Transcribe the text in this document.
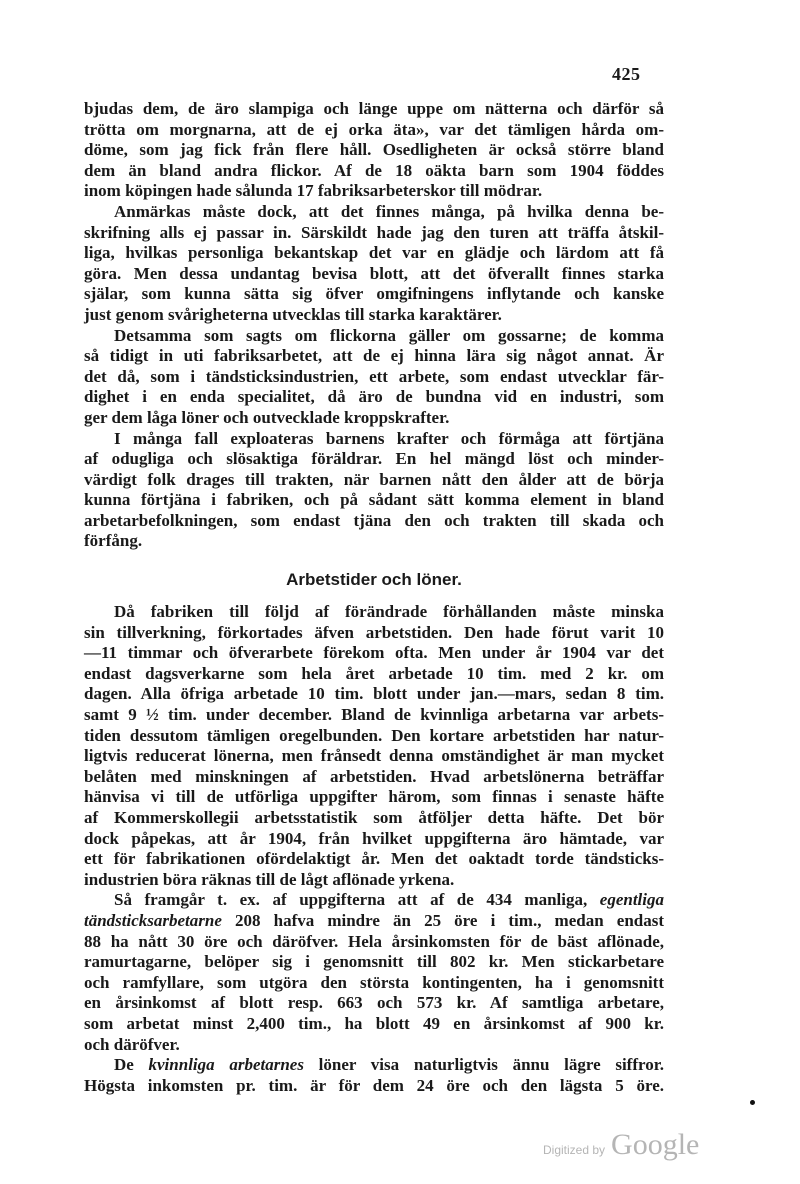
425
bjudas dem, de äro slampiga och länge uppe om nätterna och därför så
trötta om morgnarna, att de ej orka äta», var det tämligen hårda om-
döme, som jag fick från flere håll. Osedligheten är också större bland
dem än bland andra flickor. Af de 18 oäkta barn som 1904 föddes
inom köpingen hade sålunda 17 fabriksarbeterskor till mödrar.
Anmärkas måste dock, att det finnes många, på hvilka denna be-
skrifning alls ej passar in. Särskildt hade jag den turen att träffa åtskil-
liga, hvilkas personliga bekantskap det var en glädje och lärdom att få
göra. Men dessa undantag bevisa blott, att det öfverallt finnes starka
själar, som kunna sätta sig öfver omgifningens inflytande och kanske
just genom svårigheterna utvecklas till starka karaktärer.
Detsamma som sagts om flickorna gäller om gossarne; de komma
så tidigt in uti fabriksarbetet, att de ej hinna lära sig något annat. Är
det då, som i tändsticksindustrien, ett arbete, som endast utvecklar fär-
dighet i en enda specialitet, då äro de bundna vid en industri, som
ger dem låga löner och outvecklade kroppskrafter.
I många fall exploateras barnens krafter och förmåga att förtjäna
af odugliga och slösaktiga föräldrar. En hel mängd löst och minder-
värdigt folk drages till trakten, när barnen nått den ålder att de börja
kunna förtjäna i fabriken, och på sådant sätt komma element in bland
arbetarbefolkningen, som endast tjäna den och trakten till skada och
förfång.
Arbetstider och löner.
Då fabriken till följd af förändrade förhållanden måste minska
sin tillverkning, förkortades äfven arbetstiden. Den hade förut varit 10
—11 timmar och öfverarbete förekom ofta. Men under år 1904 var det
endast dagsverkarne som hela året arbetade 10 tim. med 2 kr. om
dagen. Alla öfriga arbetade 10 tim. blott under jan.—mars, sedan 8 tim.
samt 9 ½ tim. under december. Bland de kvinnliga arbetarna var arbets-
tiden dessutom tämligen oregelbunden. Den kortare arbetstiden har natur-
ligtvis reducerat lönerna, men frånsedt denna omständighet är man mycket
belåten med minskningen af arbetstiden. Hvad arbetslönerna beträffar
hänvisa vi till de utförliga uppgifter härom, som finnas i senaste häfte
af Kommerskollegii arbetsstatistik som åtföljer detta häfte. Det bör
dock påpekas, att år 1904, från hvilket uppgifterna äro hämtade, var
ett för fabrikationen ofördelaktigt år. Men det oaktadt torde tändsticks-
industrien böra räknas till de lågt aflönade yrkena.
Så framgår t. ex. af uppgifterna att af de 434 manliga, egentliga
tändsticksarbetarne 208 hafva mindre än 25 öre i tim., medan endast
88 ha nått 30 öre och däröfver. Hela årsinkomsten för de bäst aflönade,
ramurtagarne, belöper sig i genomsnitt till 802 kr. Men stickarbetare
och ramfyllare, som utgöra den största kontingenten, ha i genomsnitt
en årsinkomst af blott resp. 663 och 573 kr. Af samtliga arbetare,
som arbetat minst 2,400 tim., ha blott 49 en årsinkomst af 900 kr.
och däröfver.
De kvinnliga arbetarnes löner visa naturligtvis ännu lägre siffror.
Högsta inkomsten pr. tim. är för dem 24 öre och den lägsta 5 öre.
Digitized by Google
